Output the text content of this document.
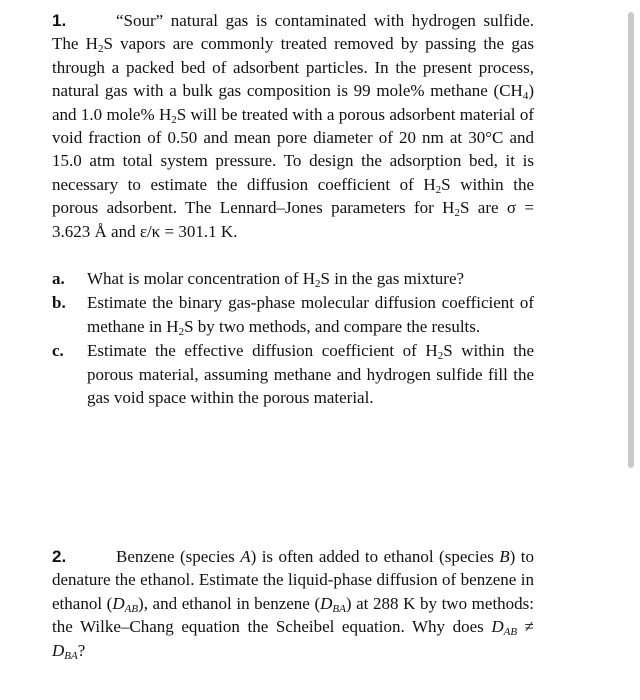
1.	“Sour” natural gas is contaminated with hydrogen sulfide. The $H_2S$ vapors are commonly treated removed by passing the gas through a packed bed of adsorbent particles. In the present process, natural gas with a bulk gas composition is 99 mole% methane $(CH_4)$ and 1.0 mole% $H_2S$ will be treated with a porous adsorbent material of void fraction of 0.50 and mean pore diameter of 20 nm at 30°C and 15.0 atm total system pressure. To design the adsorption bed, it is necessary to estimate the diffusion coefficient of $H_2S$ within the porous adsorbent. The Lennard–Jones parameters for $H_2S$ are σ = 3.623 Å and ε/κ = 301.1 K.
a. What is molar concentration of $H_2S$ in the gas mixture?
b. Estimate the binary gas-phase molecular diffusion coefficient of methane in $H_2S$ by two methods, and compare the results.
c. Estimate the effective diffusion coefficient of $H_2S$ within the porous material, assuming methane and hydrogen sulfide fill the gas void space within the porous material.
2.	Benzene (species A) is often added to ethanol (species B) to denature the ethanol. Estimate the liquid-phase diffusion of benzene in ethanol $(D_{AB})$, and ethanol in benzene $(D_{BA})$ at 288 K by two methods: the Wilke–Chang equation the Scheibel equation. Why does $D_{AB} \ne D_{BA}$?
